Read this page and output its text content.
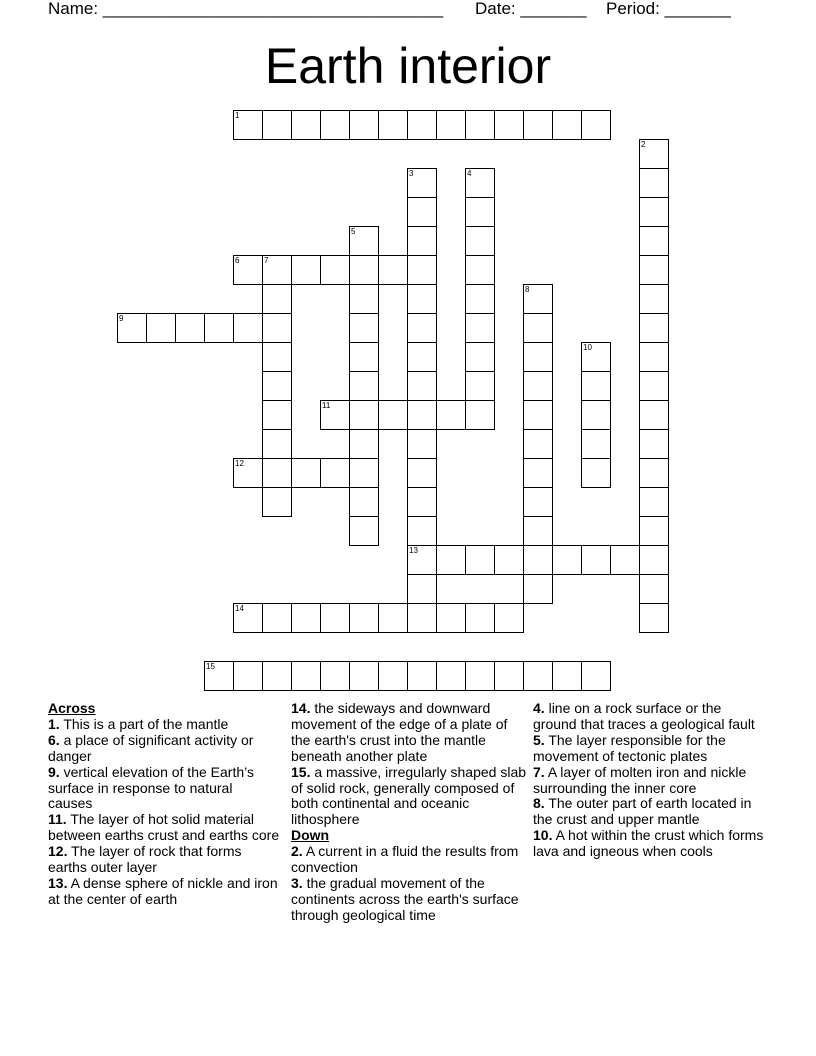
Name: ____________________________________ Date: _______ Period: _______
Earth interior
1
2
3
13
4
5
6	7
8
9
10
11
12
14
15
Across

1. This is a part of the mantle

6. a place of significant activity or danger

9. vertical elevation of the Earth’s surface in response to natural causes

11. The layer of hot solid material between earths crust and earths core

12. The layer of rock that forms earths outer layer

13. A dense sphere of nickle and iron at the center of earth

14. the sideways and downward movement of the edge of a plate of the earth's crust into the mantle beneath another plate

15. a massive, irregularly shaped slab of solid rock, generally composed of both continental and oceanic lithosphere

Down

2. A current in a fluid the results from convection

3. the gradual movement of the continents across the earth's surface through geological time

4. line on a rock surface or the ground that traces a geological fault

5. The layer responsible for the movement of tectonic plates

7. A layer of molten iron and nickle surrounding the inner core

8. The outer part of earth located in the crust and upper mantle

10. A hot within the crust which forms lava and igneous when cools
